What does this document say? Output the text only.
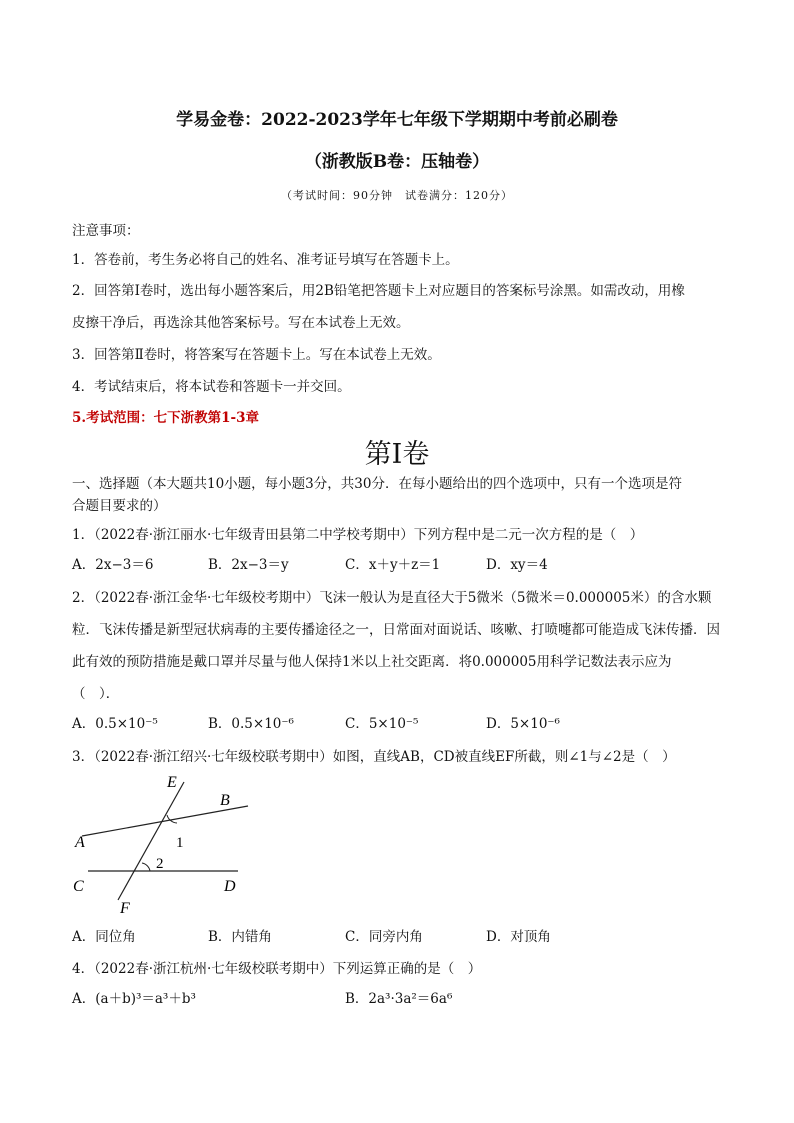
学易金卷：2022-2023学年七年级下学期期中考前必刷卷
（浙教版B卷：压轴卷）
（考试时间：90分钟　试卷满分：120分）
注意事项：
1．答卷前，考生务必将自己的姓名、准考证号填写在答题卡上。
2．回答第Ⅰ卷时，选出每小题答案后，用2B铅笔把答题卡上对应题目的答案标号涂黑。如需改动，用橡
皮擦干净后，再选涂其他答案标号。写在本试卷上无效。
3．回答第Ⅱ卷时，将答案写在答题卡上。写在本试卷上无效。
4．考试结束后，将本试卷和答题卡一并交回。
5.考试范围：七下浙教第1-3章
第Ⅰ卷
一、选择题（本大题共10小题，每小题3分，共30分．在每小题给出的四个选项中，只有一个选项是符
合题目要求的）
1．（2022春·浙江丽水·七年级青田县第二中学校考期中）下列方程中是二元一次方程的是（　）
A．2x−3＝6	B．2x−3＝y	C．x＋y＋z＝1	D．xy＝4
2．（2022春·浙江金华·七年级校考期中）飞沫一般认为是直径大于5微米（5微米＝0.000005米）的含水颗
粒．飞沫传播是新型冠状病毒的主要传播途径之一，日常面对面说话、咳嗽、打喷嚏都可能造成飞沫传播．因
此有效的预防措施是戴口罩并尽量与他人保持1米以上社交距离．将0.000005用科学记数法表示应为
（　）．
A．0.5×10⁻⁵	B．0.5×10⁻⁶	C．5×10⁻⁵	D．5×10⁻⁶
3．（2022春·浙江绍兴·七年级校联考期中）如图，直线AB，CD被直线EF所截，则∠1与∠2是（　）
E
B
A	1
2
C	D
F
A．同位角	B．内错角	C．同旁内角	D．对顶角
4．（2022春·浙江杭州·七年级校联考期中）下列运算正确的是（　）
A．(a＋b)³＝a³＋b³	B．2a³·3a²＝6a⁶
